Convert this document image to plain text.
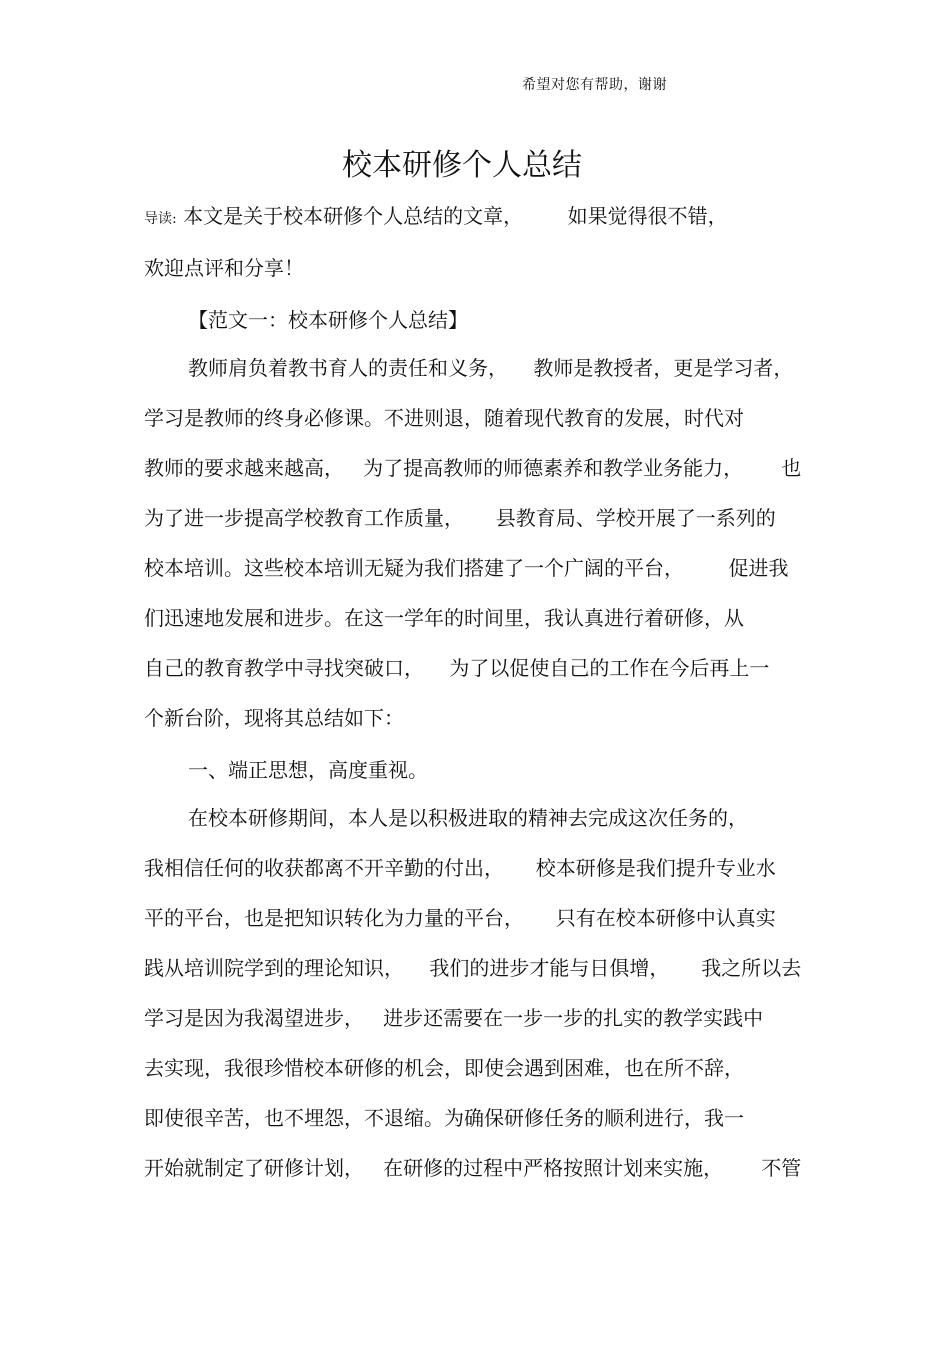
希望对您有帮助，谢谢
校本研修个人总结
导读: 本文是关于校本研修个人总结的文章，       如果觉得很不错，
欢迎点评和分享！
【范文一：校本研修个人总结】
教师肩负着教书育人的责任和义务，    教师是教授者，更是学习者，
学习是教师的终身必修课。不进则退，随着现代教育的发展，时代对
教师的要求越来越高，   为了提高教师的师德素养和教学业务能力，      也
为了进一步提高学校教育工作质量，     县教育局、学校开展了一系列的
校本培训。这些校本培训无疑为我们搭建了一个广阔的平台，       促进我
们迅速地发展和进步。在这一学年的时间里，我认真进行着研修，从
自己的教育教学中寻找突破口，    为了以促使自己的工作在今后再上一
个新台阶，现将其总结如下：
一、端正思想，高度重视。
在校本研修期间，本人是以积极进取的精神去完成这次任务的，
我相信任何的收获都离不开辛勤的付出，     校本研修是我们提升专业水
平的平台，也是把知识转化为力量的平台，     只有在校本研修中认真实
践从培训院学到的理论知识，    我们的进步才能与日俱增，     我之所以去
学习是因为我渴望进步，   进步还需要在一步一步的扎实的教学实践中
去实现，我很珍惜校本研修的机会，即使会遇到困难，也在所不辞，
即使很辛苦，也不埋怨，不退缩。为确保研修任务的顺利进行，我一
开始就制定了研修计划，   在研修的过程中严格按照计划来实施，      不管
